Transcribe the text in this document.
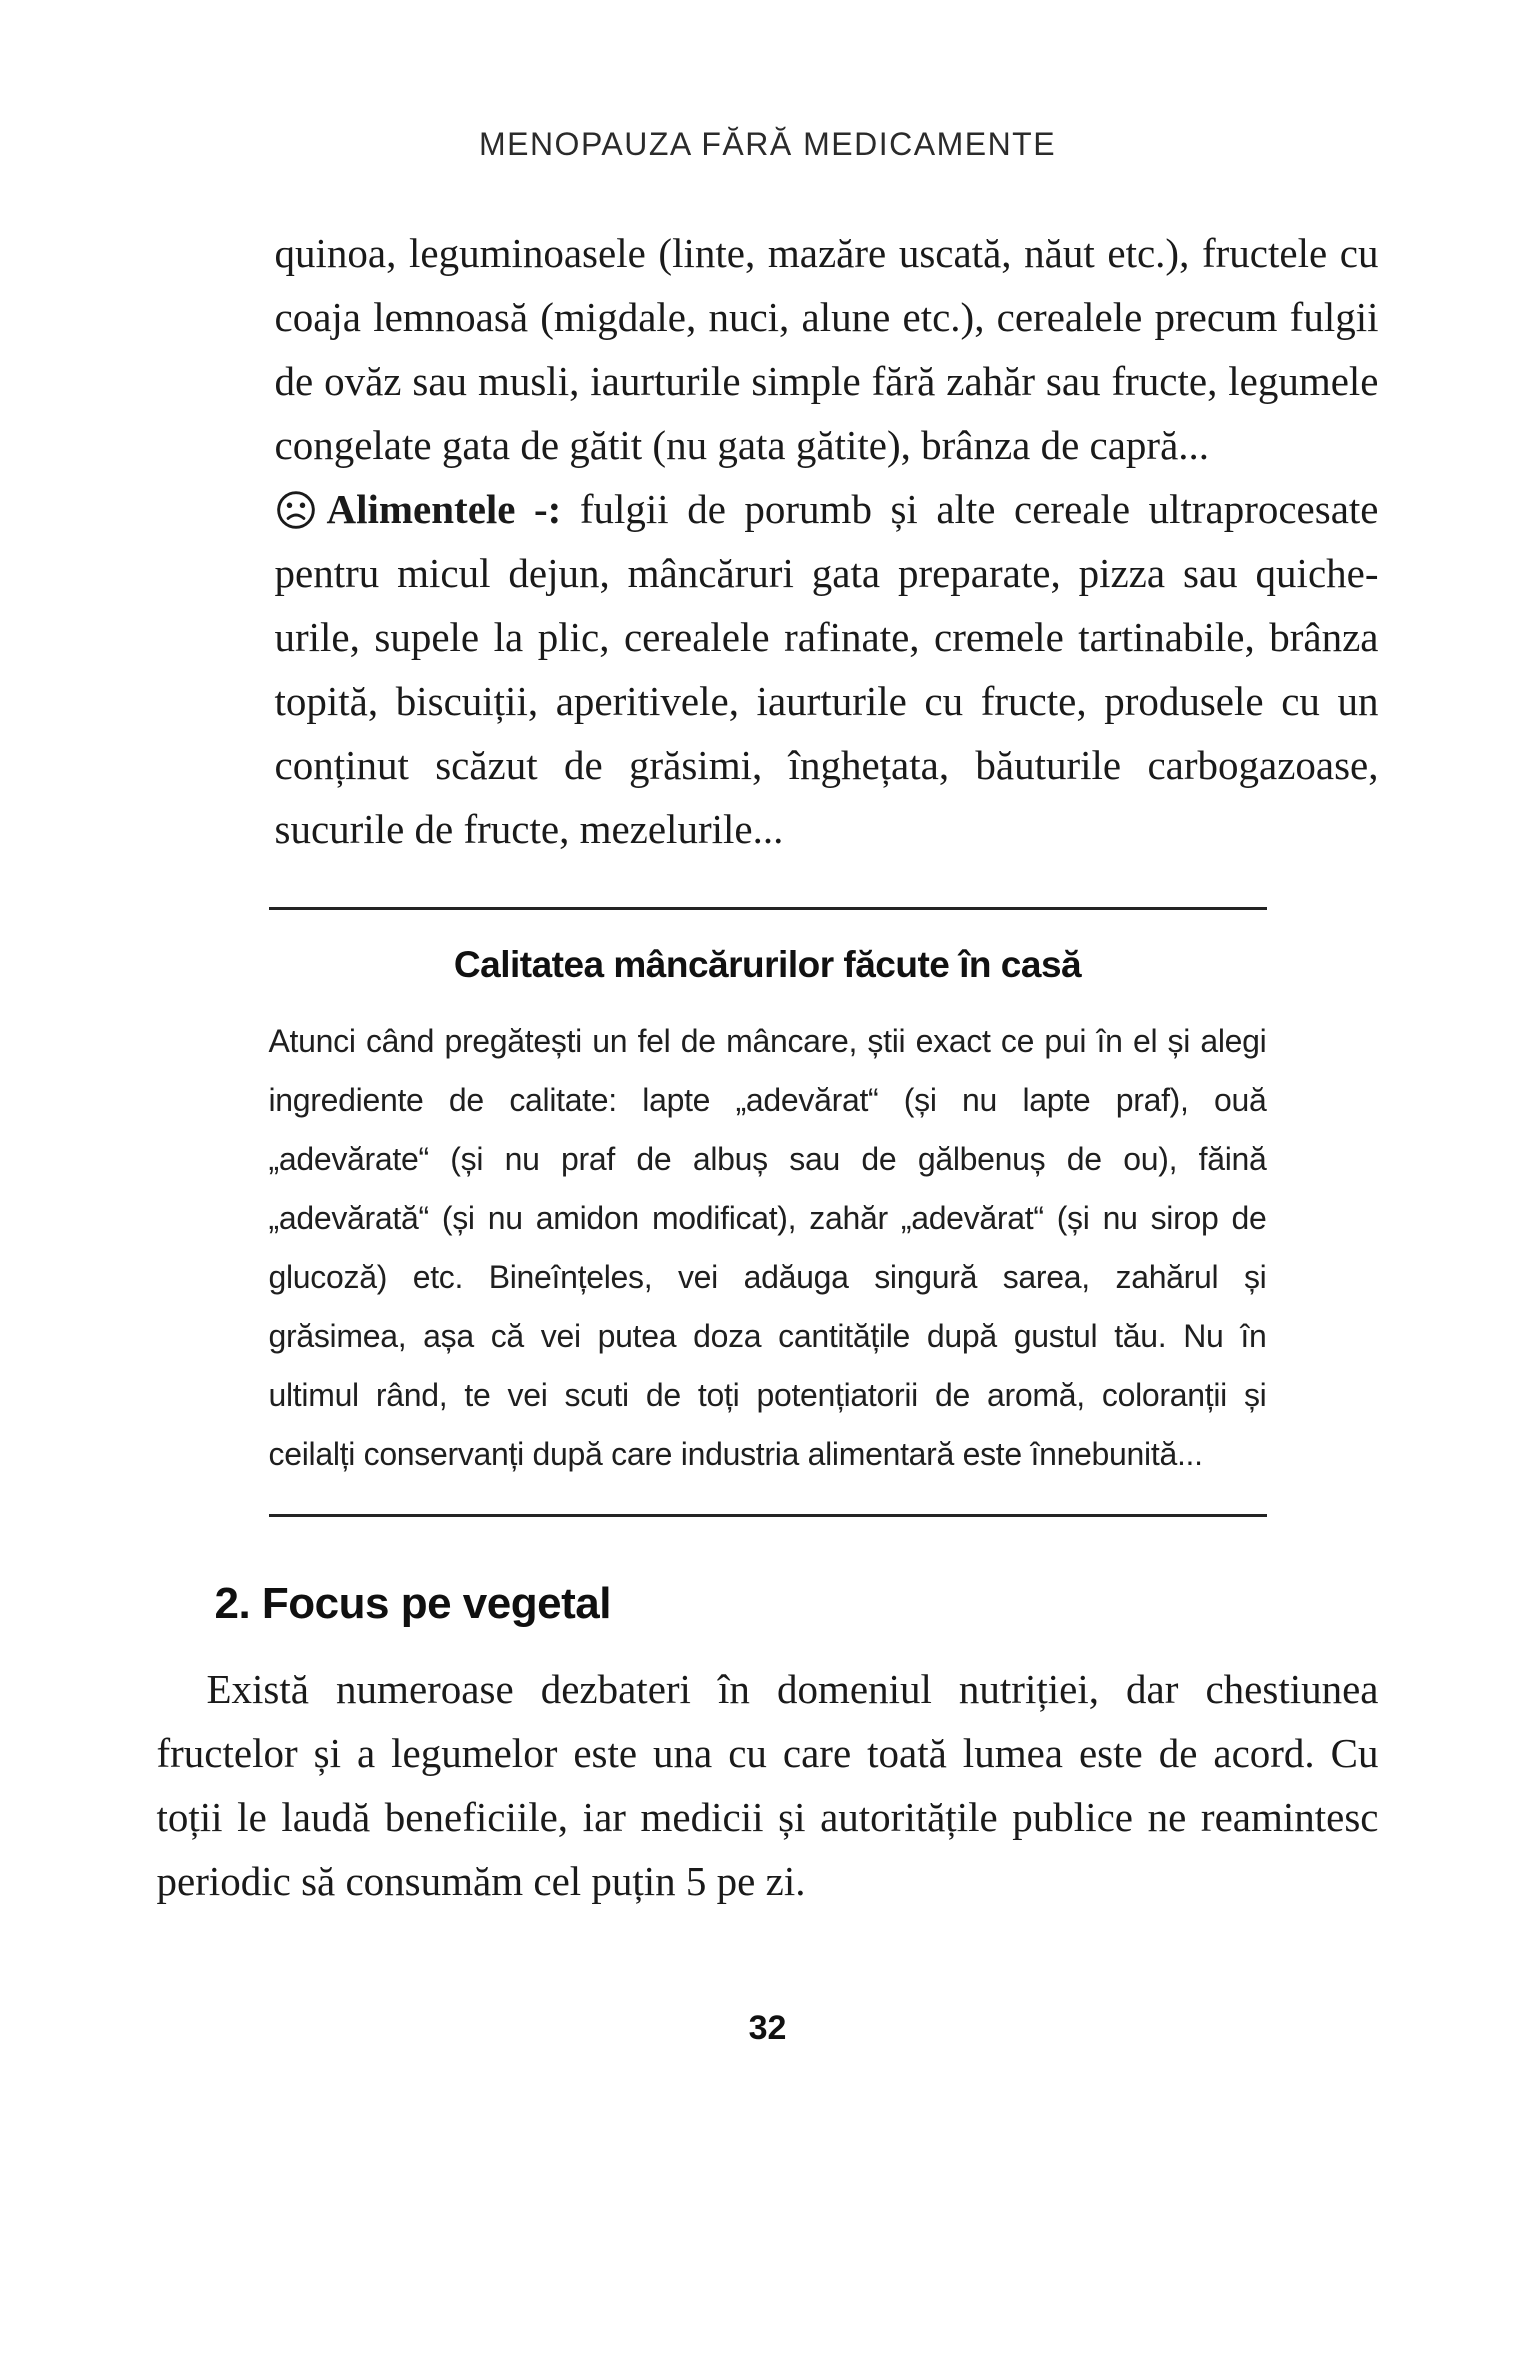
MENOPAUZA FĂRĂ MEDICAMENTE

quinoa, leguminoasele (linte, mazăre uscată, năut etc.), fructele cu coaja lemnoasă (migdale, nuci, alune etc.), cerealele precum fulgii de ovăz sau musli, iaurturile simple fără zahăr sau fructe, legumele congelate gata de gătit (nu gata gătite), brânza de capră...

Alimentele -: fulgii de porumb și alte cereale ultraprocesate pentru micul dejun, mâncăruri gata preparate, pizza sau quiche-urile, supele la plic, cerealele rafinate, cremele tartinabile, brânza topită, biscuiții, aperitivele, iaurturile cu fructe, produsele cu un conținut scăzut de grăsimi, înghețata, băuturile carbogazoase, sucurile de fructe, mezelurile...

Calitatea mâncărurilor făcute în casă

Atunci când pregătești un fel de mâncare, știi exact ce pui în el și alegi ingrediente de calitate: lapte „adevărat“ (și nu lapte praf), ouă „adevărate“ (și nu praf de albuș sau de gălbenuș de ou), făină „adevărată“ (și nu amidon modificat), zahăr „adevărat“ (și nu sirop de glucoză) etc. Bineînțeles, vei adăuga singură sarea, zahărul și grăsimea, așa că vei putea doza cantitățile după gustul tău. Nu în ultimul rând, te vei scuti de toți potențiatorii de aromă, coloranții și ceilalți conservanți după care industria alimentară este înnebunită...

2. Focus pe vegetal

Există numeroase dezbateri în domeniul nutriției, dar chestiunea fructelor și a legumelor este una cu care toată lumea este de acord. Cu toții le laudă beneficiile, iar medicii și autoritățile publice ne reamintesc periodic să consumăm cel puțin 5 pe zi.

32
